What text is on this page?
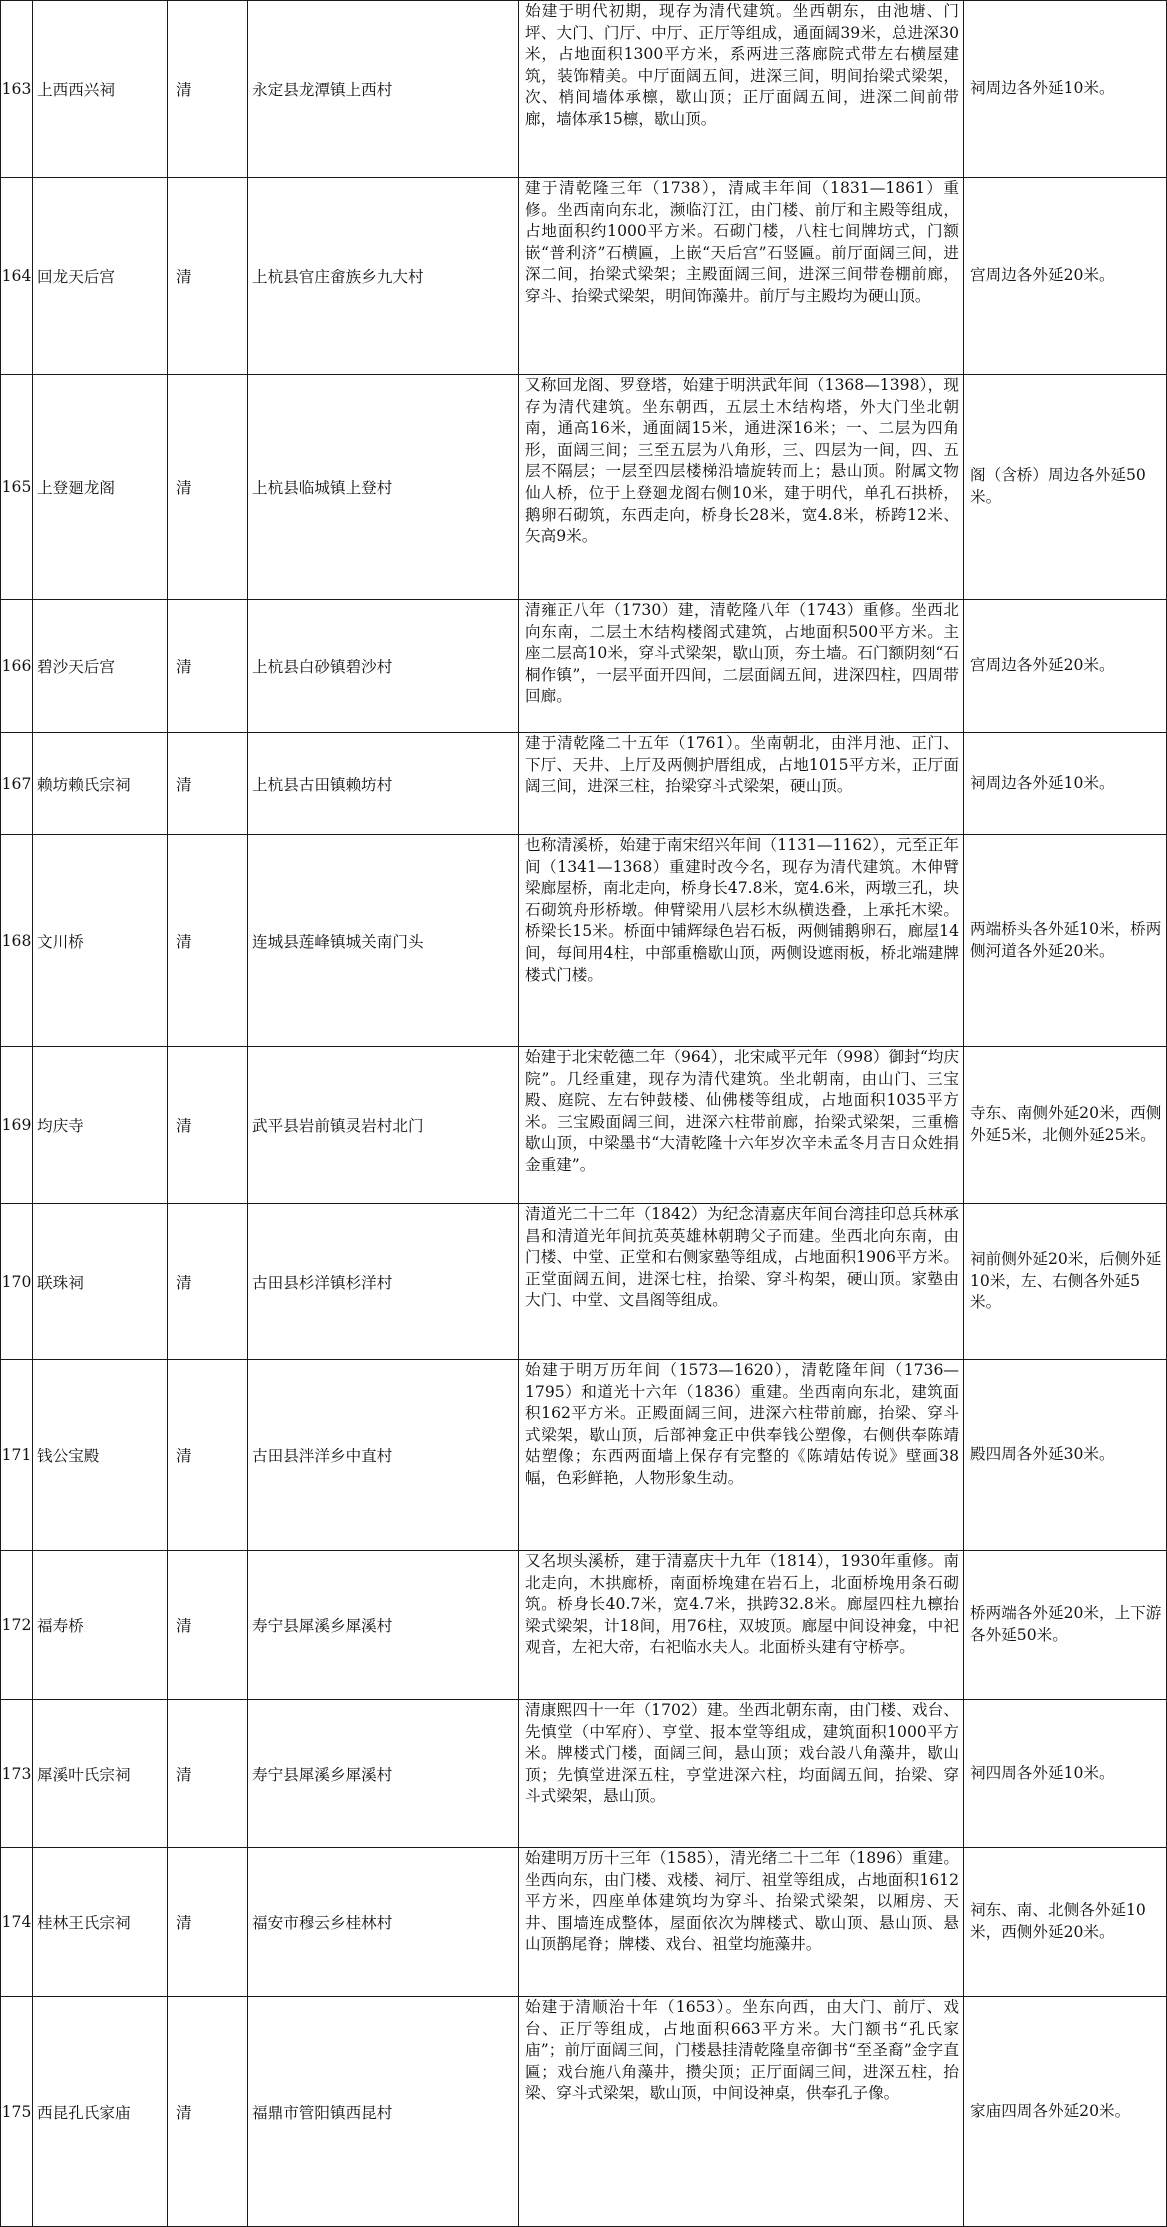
163	上西西兴祠	清	永定县龙潭镇上西村	始建于明代初期，现存为清代建筑。坐西朝东，由池塘、门坪、大门、门厅、中厅、正厅等组成，通面阔39米，总进深30米，占地面积1300平方米，系两进三落廊院式带左右横屋建筑，装饰精美。中厅面阔五间，进深三间，明间抬梁式梁架，次、梢间墙体承檩，歇山顶；正厅面阔五间，进深二间前带廊，墙体承15檩，歇山顶。	祠周边各外延10米。
164	回龙天后宫	清	上杭县官庄畲族乡九大村	建于清乾隆三年（1738），清咸丰年间（1831—1861）重修。坐西南向东北，濒临汀江，由门楼、前厅和主殿等组成，占地面积约1000平方米。石砌门楼，八柱七间牌坊式，门额嵌“普利济”石横匾，上嵌“天后宫”石竖匾。前厅面阔三间，进深二间，抬梁式梁架；主殿面阔三间，进深三间带卷棚前廊，穿斗、抬梁式梁架，明间饰藻井。前厅与主殿均为硬山顶。	宫周边各外延20米。
165	上登廻龙阁	清	上杭县临城镇上登村	又称回龙阁、罗登塔，始建于明洪武年间（1368—1398），现存为清代建筑。坐东朝西，五层土木结构塔，外大门坐北朝南，通高16米，通面阔15米，通进深16米；一、二层为四角形，面阔三间；三至五层为八角形，三、四层为一间，四、五层不隔层；一层至四层楼梯沿墙旋转而上；悬山顶。附属文物仙人桥，位于上登廻龙阁右侧10米，建于明代，单孔石拱桥，鹅卵石砌筑，东西走向，桥身长28米，宽4.8米，桥跨12米、矢高9米。	阁（含桥）周边各外延50米。
166	碧沙天后宫	清	上杭县白砂镇碧沙村	清雍正八年（1730）建，清乾隆八年（1743）重修。坐西北向东南，二层土木结构楼阁式建筑，占地面积500平方米。主座二层高10米，穿斗式梁架，歇山顶，夯土墙。石门额阴刻“石桐作镇”，一层平面开四间，二层面阔五间，进深四柱，四周带回廊。	宫周边各外延20米。
167	赖坊赖氏宗祠	清	上杭县古田镇赖坊村	建于清乾隆二十五年（1761）。坐南朝北，由泮月池、正门、下厅、天井、上厅及两侧护厝组成，占地1015平方米，正厅面阔三间，进深三柱，抬梁穿斗式梁架，硬山顶。	祠周边各外延10米。
168	文川桥	清	连城县莲峰镇城关南门头	也称清溪桥，始建于南宋绍兴年间（1131—1162），元至正年间（1341—1368）重建时改今名，现存为清代建筑。木伸臂梁廊屋桥，南北走向，桥身长47.8米，宽4.6米，两墩三孔，块石砌筑舟形桥墩。伸臂梁用八层杉木纵横迭叠，上承托木梁。桥梁长15米。桥面中铺辉绿色岩石板，两侧铺鹅卵石，廊屋14间，每间用4柱，中部重檐歇山顶，两侧设遮雨板，桥北端建牌楼式门楼。	两端桥头各外延10米，桥两侧河道各外延20米。
169	均庆寺	清	武平县岩前镇灵岩村北门	始建于北宋乾德二年（964），北宋咸平元年（998）御封“均庆院”。几经重建，现存为清代建筑。坐北朝南，由山门、三宝殿、庭院、左右钟鼓楼、仙佛楼等组成，占地面积1035平方米。三宝殿面阔三间，进深六柱带前廊，抬梁式梁架，三重檐歇山顶，中梁墨书“大清乾隆十六年岁次辛未孟冬月吉日众姓捐金重建”。	寺东、南侧外延20米，西侧外延5米，北侧外延25米。
170	联珠祠	清	古田县杉洋镇杉洋村	清道光二十二年（1842）为纪念清嘉庆年间台湾挂印总兵林承昌和清道光年间抗英英雄林朝聘父子而建。坐西北向东南，由门楼、中堂、正堂和右侧家塾等组成，占地面积1906平方米。正堂面阔五间，进深七柱，抬梁、穿斗构架，硬山顶。家塾由大门、中堂、文昌阁等组成。	祠前侧外延20米，后侧外延10米，左、右侧各外延5米。
171	钱公宝殿	清	古田县泮洋乡中直村	始建于明万历年间（1573—1620），清乾隆年间（1736—1795）和道光十六年（1836）重建。坐西南向东北，建筑面积162平方米。正殿面阔三间，进深六柱带前廊，抬梁、穿斗式梁架，歇山顶，后部神龛正中供奉钱公塑像，右侧供奉陈靖姑塑像；东西两面墙上保存有完整的《陈靖姑传说》壁画38幅，色彩鲜艳，人物形象生动。	殿四周各外延30米。
172	福寿桥	清	寿宁县犀溪乡犀溪村	又名坝头溪桥，建于清嘉庆十九年（1814），1930年重修。南北走向，木拱廊桥，南面桥堍建在岩石上，北面桥堍用条石砌筑。桥身长40.7米，宽4.7米，拱跨32.8米。廊屋四柱九檩抬梁式梁架，计18间，用76柱，双坡顶。廊屋中间设神龛，中祀观音，左祀大帝，右祀临水夫人。北面桥头建有守桥亭。	桥两端各外延20米，上下游各外延50米。
173	犀溪叶氏宗祠	清	寿宁县犀溪乡犀溪村	清康熙四十一年（1702）建。坐西北朝东南，由门楼、戏台、先慎堂（中军府）、亨堂、报本堂等组成，建筑面积1000平方米。牌楼式门楼，面阔三间，悬山顶；戏台設八角藻井，歇山顶；先慎堂进深五柱，亨堂进深六柱，均面阔五间，抬梁、穿斗式梁架，悬山顶。	祠四周各外延10米。
174	桂林王氏宗祠	清	福安市穆云乡桂林村	始建明万历十三年（1585），清光绪二十二年（1896）重建。坐西向东，由门楼、戏楼、祠厅、祖堂等组成，占地面积1612平方米，四座单体建筑均为穿斗、抬梁式梁架，以厢房、天井、围墙连成整体，屋面依次为牌楼式、歇山顶、悬山顶、悬山顶鹊尾脊；牌楼、戏台、祖堂均施藻井。	祠东、南、北侧各外延10米，西侧外延20米。
175	西昆孔氏家庙	清	福鼎市管阳镇西昆村	始建于清顺治十年（1653）。坐东向西，由大门、前厅、戏台、正厅等组成，占地面积663平方米。大门额书“孔氏家庙”；前厅面阔三间，门楼悬挂清乾隆皇帝御书“至圣裔”金字直匾；戏台施八角藻井，攒尖顶；正厅面阔三间，进深五柱，抬梁、穿斗式梁架，歇山顶，中间设神桌，供奉孔子像。	家庙四周各外延20米。
